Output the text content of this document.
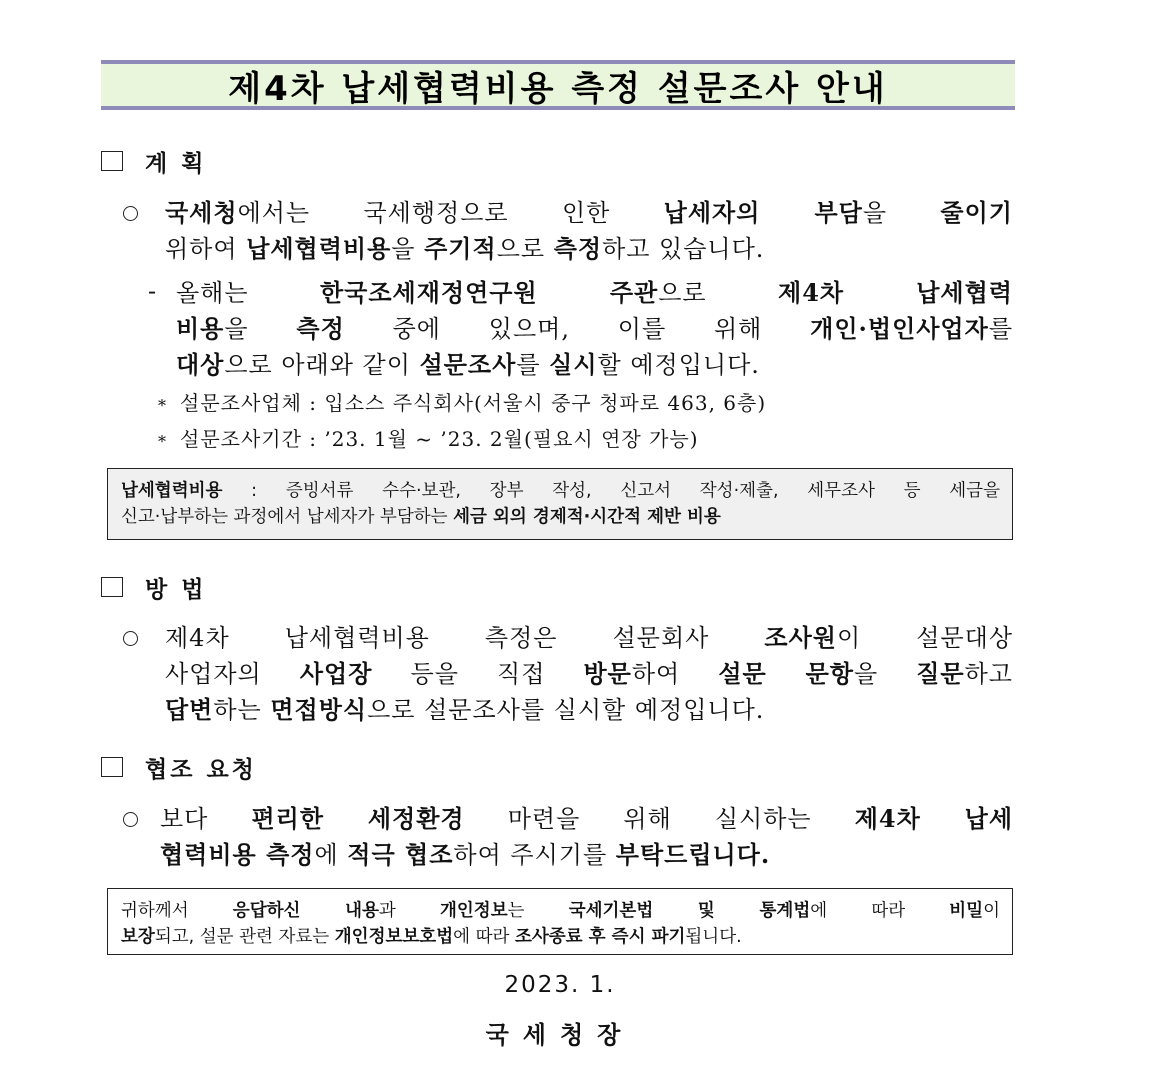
제4차 납세협력비용 측정 설문조사 안내
계 획
국세청에서는 국세행정으로 인한 납세자의 부담을 줄이기
위하여 납세협력비용을 주기적으로 측정하고 있습니다.
- 올해는 한국조세재정연구원 주관으로 제4차 납세협력
비용을 측정 중에 있으며, 이를 위해 개인·법인사업자를
대상으로 아래와 같이 설문조사를 실시할 예정입니다.
* 설문조사업체 : 입소스 주식회사(서울시 중구 청파로 463, 6층)
* 설문조사기간 : ’23. 1월 ~ ’23. 2월(필요시 연장 가능)
납세협력비용 : 증빙서류 수수·보관, 장부 작성, 신고서 작성·제출, 세무조사 등 세금을
신고·납부하는 과정에서 납세자가 부담하는 세금 외의 경제적·시간적 제반 비용
방 법
제4차 납세협력비용 측정은 설문회사 조사원이 설문대상
사업자의 사업장 등을 직접 방문하여 설문 문항을 질문하고
답변하는 면접방식으로 설문조사를 실시할 예정입니다.
협조 요청
보다 편리한 세정환경 마련을 위해 실시하는 제4차 납세
협력비용 측정에 적극 협조하여 주시기를 부탁드립니다.
귀하께서 응답하신 내용과 개인정보는 국세기본법 및 통계법에 따라 비밀이
보장되고, 설문 관련 자료는 개인정보보호법에 따라 조사종료 후 즉시 파기됩니다.
2023. 1.
국세청장
